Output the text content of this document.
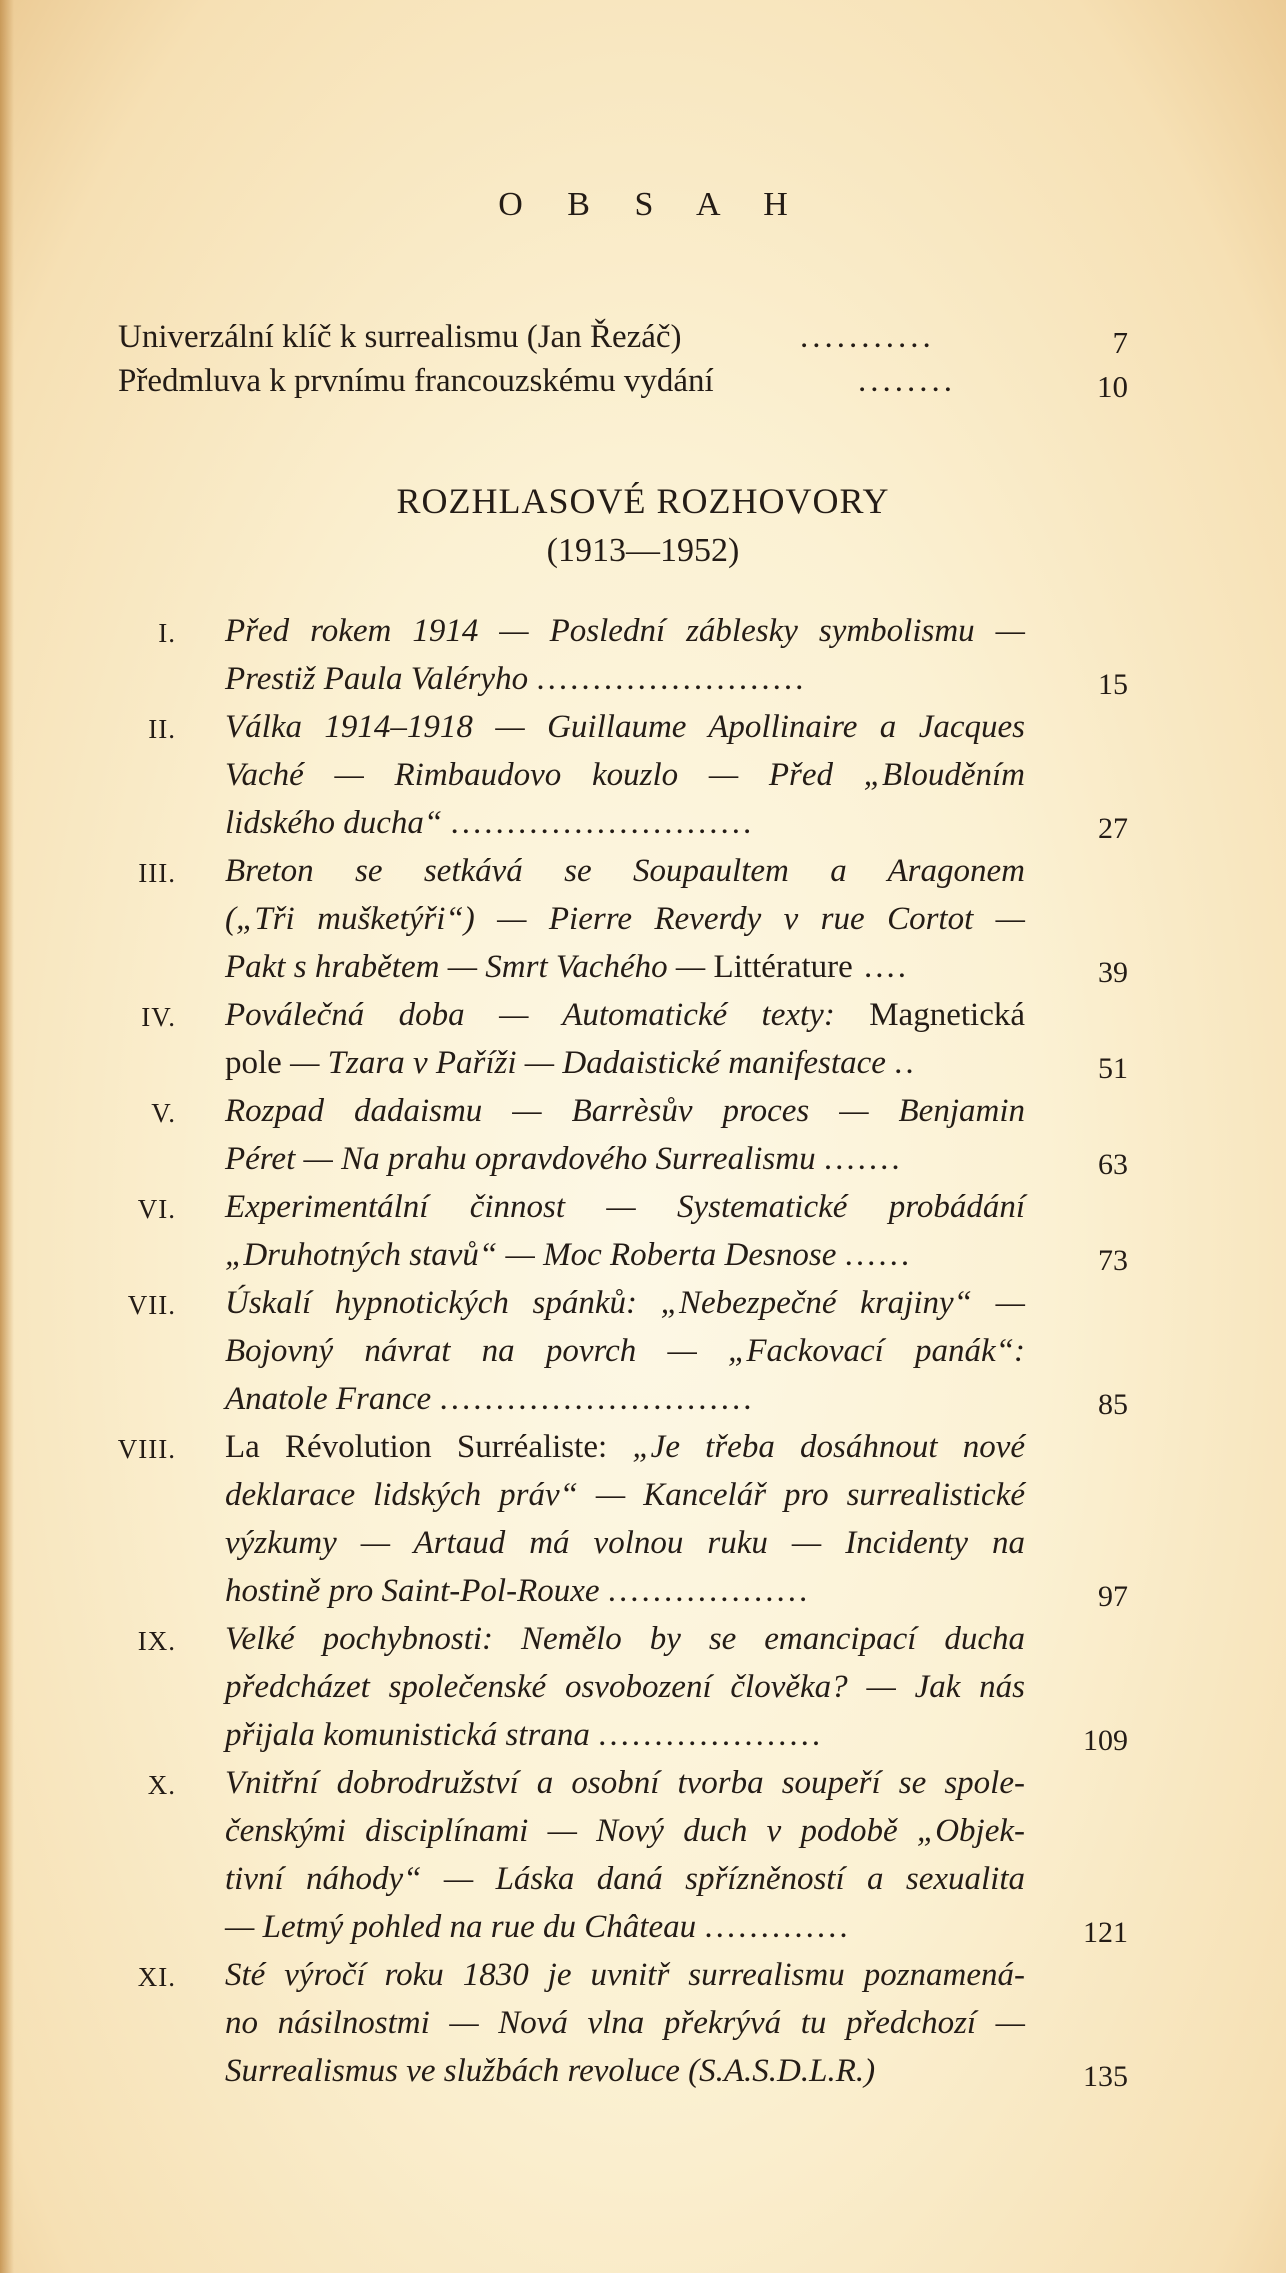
O B S A H
Univerzální klíč k surrealismu (Jan Řezáč)	...........	7
Předmluva k prvnímu francouzskému vydání	........	10
ROZHLASOVÉ ROZHOVORY
(1913—1952)
I. Před rokem 1914 — Poslední záblesky symbolismu —
Prestiž Paula Valéryho ........................	15
II. Válka 1914–1918 — Guillaume Apollinaire a Jacques
Vaché — Rimbaudovo kouzlo — Před „Blouděním
lidského ducha“ ...........................	27
III. Breton se setkává se Soupaultem a Aragonem
(„Tři mušketýři“) — Pierre Reverdy v rue Cortot —
Pakt s hrabětem — Smrt Vachého — Littérature ....	39
IV. Poválečná doba — Automatické texty: Magnetická
pole — Tzara v Paříži — Dadaistické manifestace ..	51
V. Rozpad dadaismu — Barrèsův proces — Benjamin
Péret — Na prahu opravdového Surrealismu .......	63
VI. Experimentální činnost — Systematické probádání
„Druhotných stavů“ — Moc Roberta Desnose ......	73
VII. Úskalí hypnotických spánků: „Nebezpečné krajiny“ —
Bojovný návrat na povrch — „Fackovací panák“:
Anatole France ............................	85
VIII. La Révolution Surréaliste: „Je třeba dosáhnout nové
deklarace lidských práv“ — Kancelář pro surrealistické
výzkumy — Artaud má volnou ruku — Incidenty na
hostině pro Saint-Pol-Rouxe ..................	97
IX. Velké pochybnosti: Nemělo by se emancipací ducha
předcházet společenské osvobození člověka? — Jak nás
přijala komunistická strana ....................	109
X. Vnitřní dobrodružství a osobní tvorba soupeří se spole-
čenskými disciplínami — Nový duch v podobě „Objek-
tivní náhody“ — Láska daná spřízněností a sexualita
— Letmý pohled na rue du Château .............	121
XI. Sté výročí roku 1830 je uvnitř surrealismu poznamená-
no násilnostmi — Nová vlna překrývá tu předchozí —
Surrealismus ve službách revoluce (S.A.S.D.L.R.)	135
